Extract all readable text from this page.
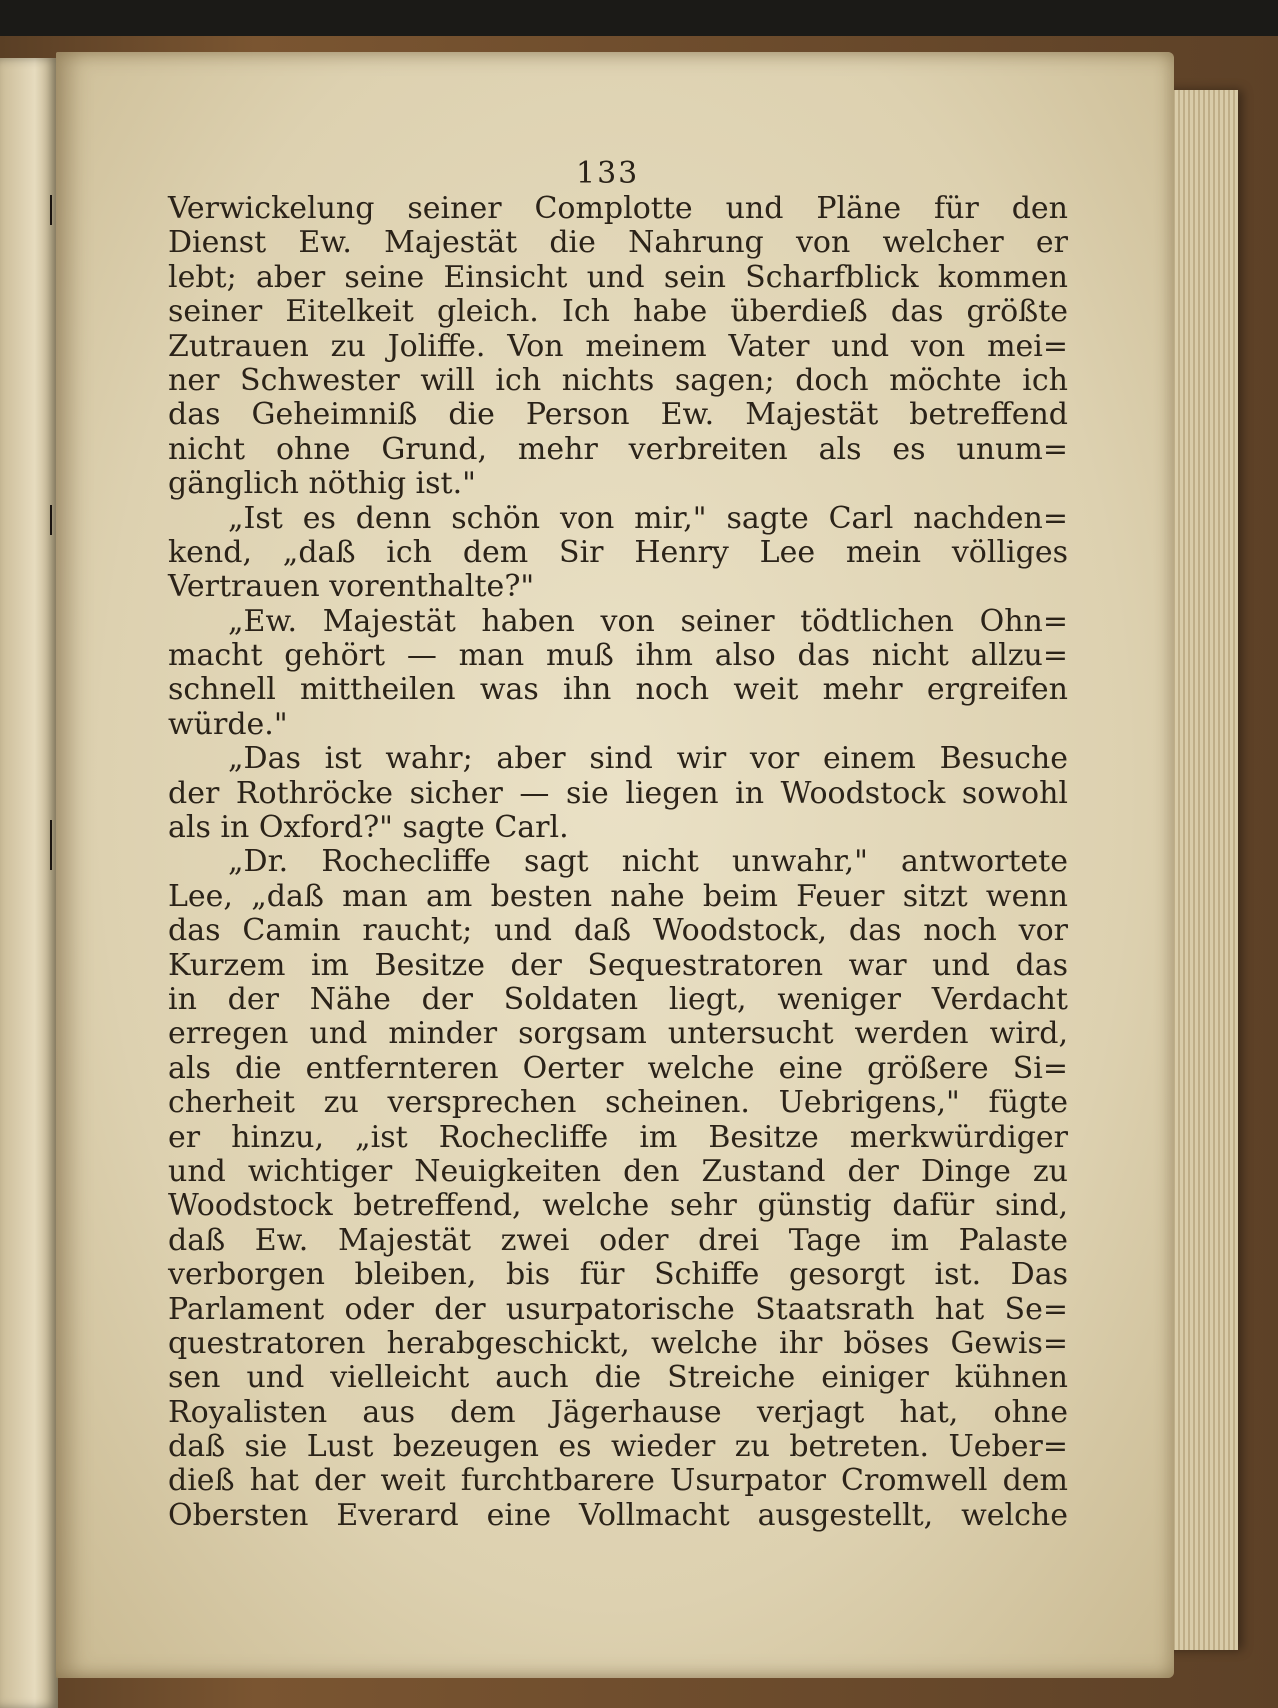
133
Verwickelung seiner Complotte und Pläne für den
Dienst Ew. Majestät die Nahrung von welcher er
lebt; aber seine Einsicht und sein Scharfblick kommen
seiner Eitelkeit gleich. Ich habe überdieß das größte
Zutrauen zu Joliffe. Von meinem Vater und von mei=
ner Schwester will ich nichts sagen; doch möchte ich
das Geheimniß die Person Ew. Majestät betreffend
nicht ohne Grund, mehr verbreiten als es unum=
gänglich nöthig ist."
„Ist es denn schön von mir," sagte Carl nachden=
kend, „daß ich dem Sir Henry Lee mein völliges
Vertrauen vorenthalte?"
„Ew. Majestät haben von seiner tödtlichen Ohn=
macht gehört — man muß ihm also das nicht allzu=
schnell mittheilen was ihn noch weit mehr ergreifen
würde."
„Das ist wahr; aber sind wir vor einem Besuche
der Rothröcke sicher — sie liegen in Woodstock sowohl
als in Oxford?" sagte Carl.
„Dr. Rochecliffe sagt nicht unwahr," antwortete
Lee, „daß man am besten nahe beim Feuer sitzt wenn
das Camin raucht; und daß Woodstock, das noch vor
Kurzem im Besitze der Sequestratoren war und das
in der Nähe der Soldaten liegt, weniger Verdacht
erregen und minder sorgsam untersucht werden wird,
als die entfernteren Oerter welche eine größere Si=
cherheit zu versprechen scheinen. Uebrigens," fügte
er hinzu, „ist Rochecliffe im Besitze merkwürdiger
und wichtiger Neuigkeiten den Zustand der Dinge zu
Woodstock betreffend, welche sehr günstig dafür sind,
daß Ew. Majestät zwei oder drei Tage im Palaste
verborgen bleiben, bis für Schiffe gesorgt ist. Das
Parlament oder der usurpatorische Staatsrath hat Se=
questratoren herabgeschickt, welche ihr böses Gewis=
sen und vielleicht auch die Streiche einiger kühnen
Royalisten aus dem Jägerhause verjagt hat, ohne
daß sie Lust bezeugen es wieder zu betreten. Ueber=
dieß hat der weit furchtbarere Usurpator Cromwell dem
Obersten Everard eine Vollmacht ausgestellt, welche
